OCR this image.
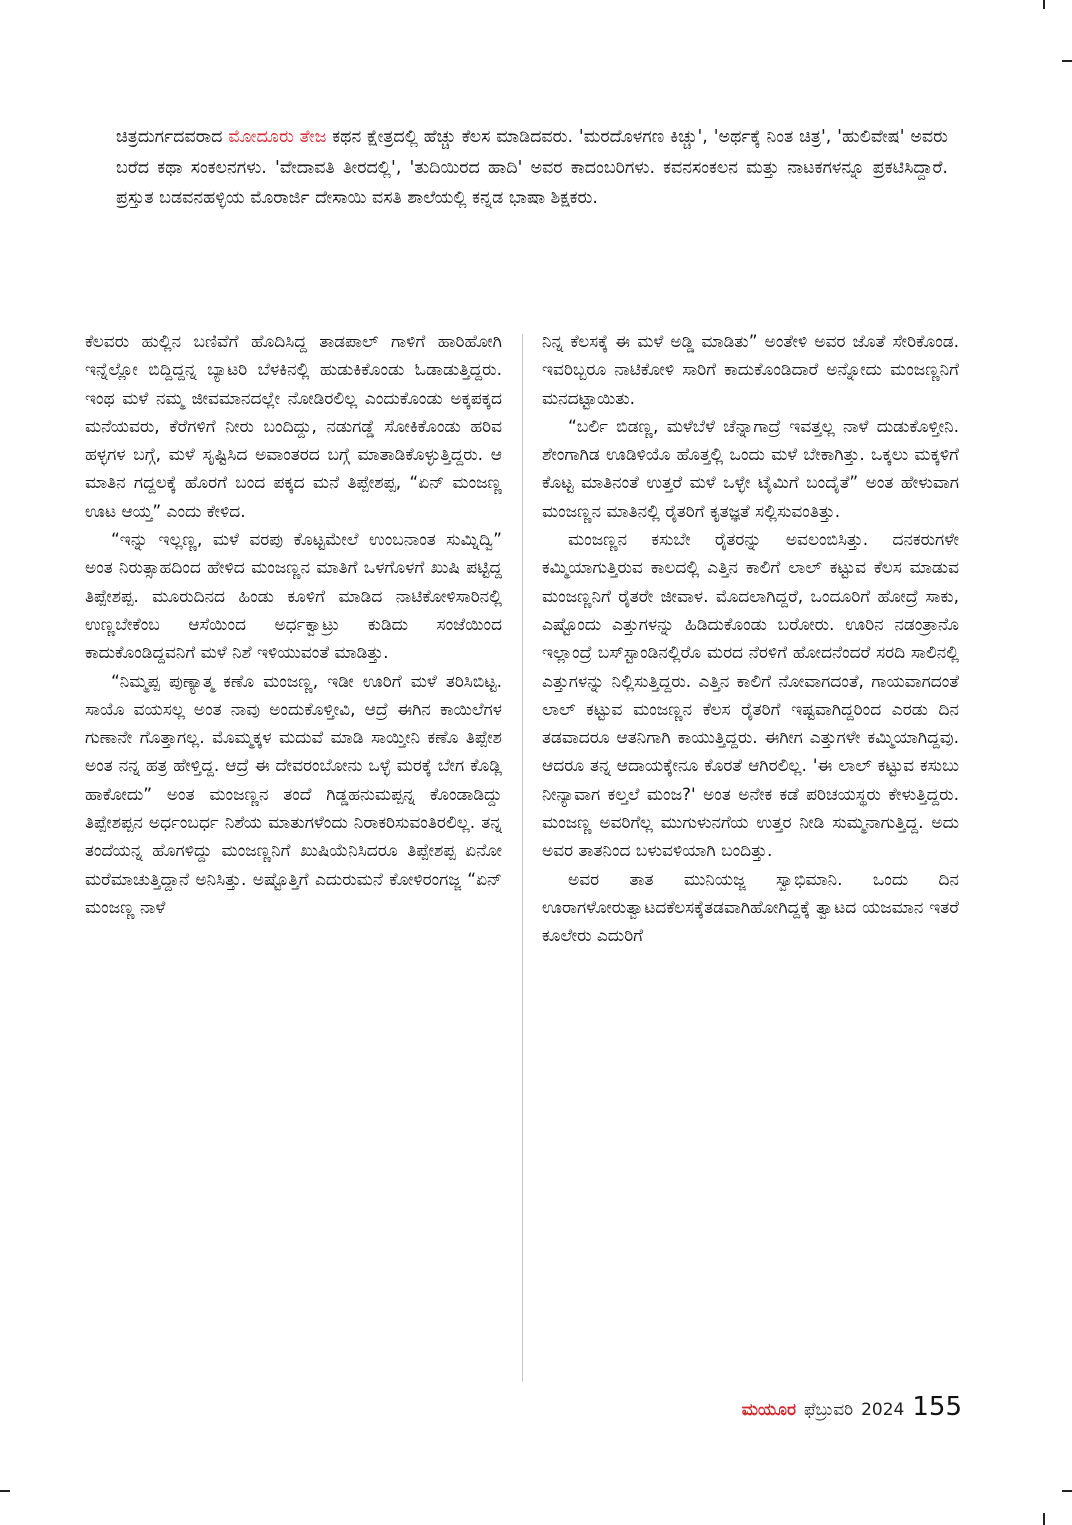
ಚಿತ್ರದುರ್ಗದವರಾದ ಮೋದೂರು ತೇಜ ಕಥನ ಕ್ಷೇತ್ರದಲ್ಲಿ ಹೆಚ್ಚು ಕೆಲಸ ಮಾಡಿದವರು. 'ಮರದೊಳಗಣ ಕಿಚ್ಚು', 'ಅರ್ಥಕ್ಕೆ ನಿಂತ ಚಿತ್ರ', 'ಹುಲಿವೇಷ' ಅವರು ಬರೆದ ಕಥಾ ಸಂಕಲನಗಳು. 'ವೇದಾವತಿ ತೀರದಲ್ಲಿ', 'ತುದಿಯಿರದ ಹಾದಿ' ಅವರ ಕಾದಂಬರಿಗಳು. ಕವನಸಂಕಲನ ಮತ್ತು ನಾಟಕಗಳನ್ನೂ ಪ್ರಕಟಿಸಿದ್ದಾರೆ. ಪ್ರಸ್ತುತ ಬಡವನಹಳ್ಳಿಯ ಮೊರಾರ್ಜಿ ದೇಸಾಯಿ ವಸತಿ ಶಾಲೆಯಲ್ಲಿ ಕನ್ನಡ ಭಾಷಾ ಶಿಕ್ಷಕರು.

ಕೆಲವರು ಹುಲ್ಲಿನ ಬಣಿವೆಗೆ ಹೊದಿಸಿದ್ದ ತಾಡಪಾಲ್ ಗಾಳಿಗೆ ಹಾರಿಹೋಗಿ ಇನ್ನೆಲ್ಲೋ ಬಿದ್ದಿದ್ದನ್ನ ಬ್ಯಾಟರಿ ಬೆಳಕಿನಲ್ಲಿ ಹುಡುಕಿಕೊಂಡು ಓಡಾಡುತ್ತಿದ್ದರು. ಇಂಥ ಮಳೆ ನಮ್ಮ ಜೀವಮಾನದಲ್ಲೇ ನೋಡಿರಲಿಲ್ಲ ಎಂದುಕೊಂಡು ಅಕ್ಕಪಕ್ಕದ ಮನೆಯವರು, ಕೆರೆಗಳಿಗೆ ನೀರು ಬಂದಿದ್ದು, ನಡುಗಡ್ಡೆ ಸೋಕಿಕೊಂಡು ಹರಿವ ಹಳ್ಳಗಳ ಬಗ್ಗೆ, ಮಳೆ ಸೃಷ್ಟಿಸಿದ ಅವಾಂತರದ ಬಗ್ಗೆ ಮಾತಾಡಿಕೊಳ್ಳುತ್ತಿದ್ದರು. ಆ ಮಾತಿನ ಗದ್ದಲಕ್ಕೆ ಹೊರಗೆ ಬಂದ ಪಕ್ಕದ ಮನೆ ತಿಪ್ಪೇಶಪ್ಪ, “ಏನ್ ಮಂಜಣ್ಣ ಊಟ ಆಯ್ತ” ಎಂದು ಕೇಳಿದ.

“ಇನ್ನು ಇಲ್ಲಣ್ಣ, ಮಳೆ ವರಪು ಕೊಟ್ಟಮೇಲೆ ಉಂಬನಾಂತ ಸುಮ್ನಿದ್ವಿ” ಅಂತ ನಿರುತ್ಸಾಹದಿಂದ ಹೇಳಿದ ಮಂಜಣ್ಣನ ಮಾತಿಗೆ ಒಳಗೊಳಗೆ ಖುಷಿ ಪಟ್ಟಿದ್ದ ತಿಪ್ಪೇಶಪ್ಪ. ಮೂರುದಿನದ ಹಿಂಡು ಕೂಳಿಗೆ ಮಾಡಿದ ನಾಟಿಕೋಳಿಸಾರಿನಲ್ಲಿ ಉಣ್ಣಬೇಕೆಂಬ ಆಸೆಯಿಂದ ಅರ್ಧಕ್ವಾಟ್ರು ಕುಡಿದು ಸಂಜೆಯಿಂದ ಕಾದುಕೊಂಡಿದ್ದವನಿಗೆ ಮಳೆ ನಿಶೆ ಇಳಿಯುವಂತೆ ಮಾಡಿತ್ತು.

“ನಿಮ್ಮಪ್ಪ ಪುಣ್ಯಾತ್ಮ ಕಣೊ ಮಂಜಣ್ಣ, ಇಡೀ ಊರಿಗೆ ಮಳೆ ತರಿಸಿಬಿಟ್ಟ. ಸಾಯೊ ವಯಸಲ್ಲ ಅಂತ ನಾವು ಅಂದುಕೊಳ್ತೀವಿ, ಆದ್ರೆ ಈಗಿನ ಕಾಯಿಲೆಗಳ ಗುಣಾನೇ ಗೊತ್ತಾಗಲ್ಲ. ಮೊಮ್ಮಕ್ಕಳ ಮದುವೆ ಮಾಡಿ ಸಾಯ್ತೀನಿ ಕಣೊ ತಿಪ್ಪೇಶ ಅಂತ ನನ್ನ ಹತ್ರ ಹೇಳ್ತಿದ್ದ. ಆದ್ರೆ ಈ ದೇವರಂಬೋನು ಒಳ್ಳೆ ಮರಕ್ಕೆ ಬೇಗ ಕೊಡ್ಲಿ ಹಾಕೋದು” ಅಂತ ಮಂಜಣ್ಣನ ತಂದೆ ಗಿಡ್ಡಹನುಮಪ್ಪನ್ನ ಕೊಂಡಾಡಿದ್ದು ತಿಪ್ಪೇಶಪ್ಪನ ಅರ್ಧಂಬರ್ಧ ನಿಶೆಯ ಮಾತುಗಳೆಂದು ನಿರಾಕರಿಸುವಂತಿರಲಿಲ್ಲ. ತನ್ನ ತಂದೆಯನ್ನ ಹೊಗಳಿದ್ದು ಮಂಜಣ್ಣನಿಗೆ ಖುಷಿಯೆನಿಸಿದರೂ ತಿಪ್ಪೇಶಪ್ಪ ಏನೋ ಮರೆಮಾಚುತ್ತಿದ್ದಾನೆ ಅನಿಸಿತ್ತು. ಅಷ್ಟೊತ್ತಿಗೆ ಎದುರುಮನೆ ಕೋಳಿರಂಗಜ್ಜ “ಏನ್ ಮಂಜಣ್ಣ ನಾಳೆ

ನಿನ್ನ ಕೆಲಸಕ್ಕೆ ಈ ಮಳೆ ಅಡ್ಡಿ ಮಾಡಿತು” ಅಂತೇಳಿ ಅವರ ಜೊತೆ ಸೇರಿಕೊಂಡ. ಇವರಿಬ್ಬರೂ ನಾಟಿಕೋಳಿ ಸಾರಿಗೆ ಕಾದುಕೊಂಡಿದಾರೆ ಅನ್ನೋದು ಮಂಜಣ್ಣನಿಗೆ ಮನದಟ್ಟಾಯಿತು.

“ಬರ್ಲಿ ಬಿಡಣ್ಣ, ಮಳೆಬೆಳೆ ಚೆನ್ನಾಗಾದ್ರೆ ಇವತ್ತಲ್ಲ ನಾಳೆ ದುಡುಕೊಳ್ತೀನಿ. ಶೇಂಗಾಗಿಡ ಊಡಿಳಿಯೊ ಹೊತ್ತಲ್ಲಿ ಒಂದು ಮಳೆ ಬೇಕಾಗಿತ್ತು. ಒಕ್ಕಲು ಮಕ್ಕಳಿಗೆ ಕೊಟ್ಟ ಮಾತಿನಂತೆ ಉತ್ತರೆ ಮಳೆ ಒಳ್ಳೇ ಟೈಮಿಗೆ ಬಂದೈತೆ” ಅಂತ ಹೇಳುವಾಗ ಮಂಜಣ್ಣನ ಮಾತಿನಲ್ಲಿ ರೈತರಿಗೆ ಕೃತಜ್ಞತೆ ಸಲ್ಲಿಸುವಂತಿತ್ತು.

ಮಂಜಣ್ಣನ ಕಸುಬೇ ರೈತರನ್ನು ಅವಲಂಬಿಸಿತ್ತು. ದನಕರುಗಳೇ ಕಮ್ಮಿಯಾಗುತ್ತಿರುವ ಕಾಲದಲ್ಲಿ ಎತ್ತಿನ ಕಾಲಿಗೆ ಲಾಲ್ ಕಟ್ಟುವ ಕೆಲಸ ಮಾಡುವ ಮಂಜಣ್ಣನಿಗೆ ರೈತರೇ ಜೀವಾಳ. ಮೊದಲಾಗಿದ್ದರೆ, ಒಂದೂರಿಗೆ ಹೋದ್ರೆ ಸಾಕು, ಎಷ್ಟೊಂದು ಎತ್ತುಗಳನ್ನು ಹಿಡಿದುಕೊಂಡು ಬರೋರು. ಊರಿನ ನಡಂತ್ರಾನೊ ಇಲ್ಲಾಂದ್ರೆ ಬಸ್‌ಸ್ಟಾಂಡಿನಲ್ಲಿರೊ ಮರದ ನೆರಳಿಗೆ ಹೋದನೆಂದರೆ ಸರದಿ ಸಾಲಿನಲ್ಲಿ ಎತ್ತುಗಳನ್ನು ನಿಲ್ಲಿಸುತ್ತಿದ್ದರು. ಎತ್ತಿನ ಕಾಲಿಗೆ ನೋವಾಗದಂತೆ, ಗಾಯವಾಗದಂತೆ ಲಾಲ್ ಕಟ್ಟುವ ಮಂಜಣ್ಣನ ಕೆಲಸ ರೈತರಿಗೆ ಇಷ್ಟವಾಗಿದ್ದರಿಂದ ಎರಡು ದಿನ ತಡವಾದರೂ ಆತನಿಗಾಗಿ ಕಾಯುತ್ತಿದ್ದರು. ಈಗೀಗ ಎತ್ತುಗಳೇ ಕಮ್ಮಿಯಾಗಿದ್ದವು. ಆದರೂ ತನ್ನ ಆದಾಯಕ್ಕೇನೂ ಕೊರತೆ ಆಗಿರಲಿಲ್ಲ. 'ಈ ಲಾಲ್ ಕಟ್ಟುವ ಕಸುಬು ನೀನ್ಯಾವಾಗ ಕಲ್ತಲೆ ಮಂಜ?' ಅಂತ ಅನೇಕ ಕಡೆ ಪರಿಚಯಸ್ಥರು ಕೇಳುತ್ತಿದ್ದರು. ಮಂಜಣ್ಣ ಅವರಿಗೆಲ್ಲ ಮುಗುಳುನಗೆಯ ಉತ್ತರ ನೀಡಿ ಸುಮ್ಮನಾಗುತ್ತಿದ್ದ. ಅದು ಅವರ ತಾತನಿಂದ ಬಳುವಳಿಯಾಗಿ ಬಂದಿತ್ತು.

ಅವರ ತಾತ ಮುನಿಯಜ್ಜ ಸ್ವಾಭಿಮಾನಿ. ಒಂದು ದಿನ ಊರಾಗಳೋರುತ್ವಾಟದಕೆಲಸಕ್ಕೆತಡವಾಗಿಹೋಗಿದ್ದಕ್ಕೆ ತ್ವಾಟದ ಯಜಮಾನ ಇತರೆ ಕೂಲೇರು ಎದುರಿಗೆ

ಮಯೂರ ಫೆಬ್ರುವರಿ 2024 155
